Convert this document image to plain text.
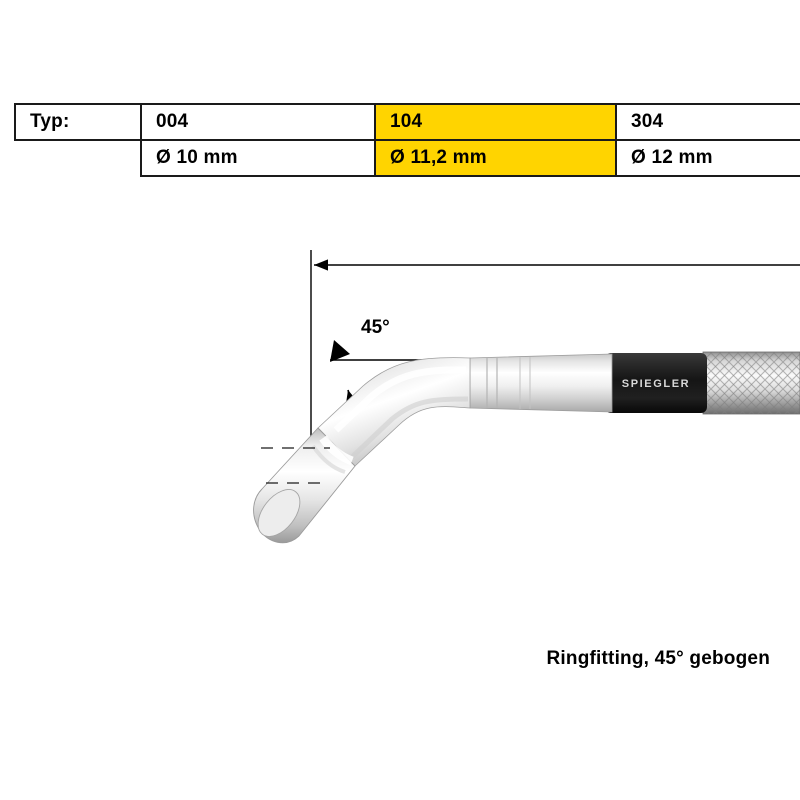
Typ:	004	104	304
	Ø 10 mm	Ø 11,2 mm	Ø 12 mm
45°
SPIEGLER
Ringfitting, 45° gebogen
